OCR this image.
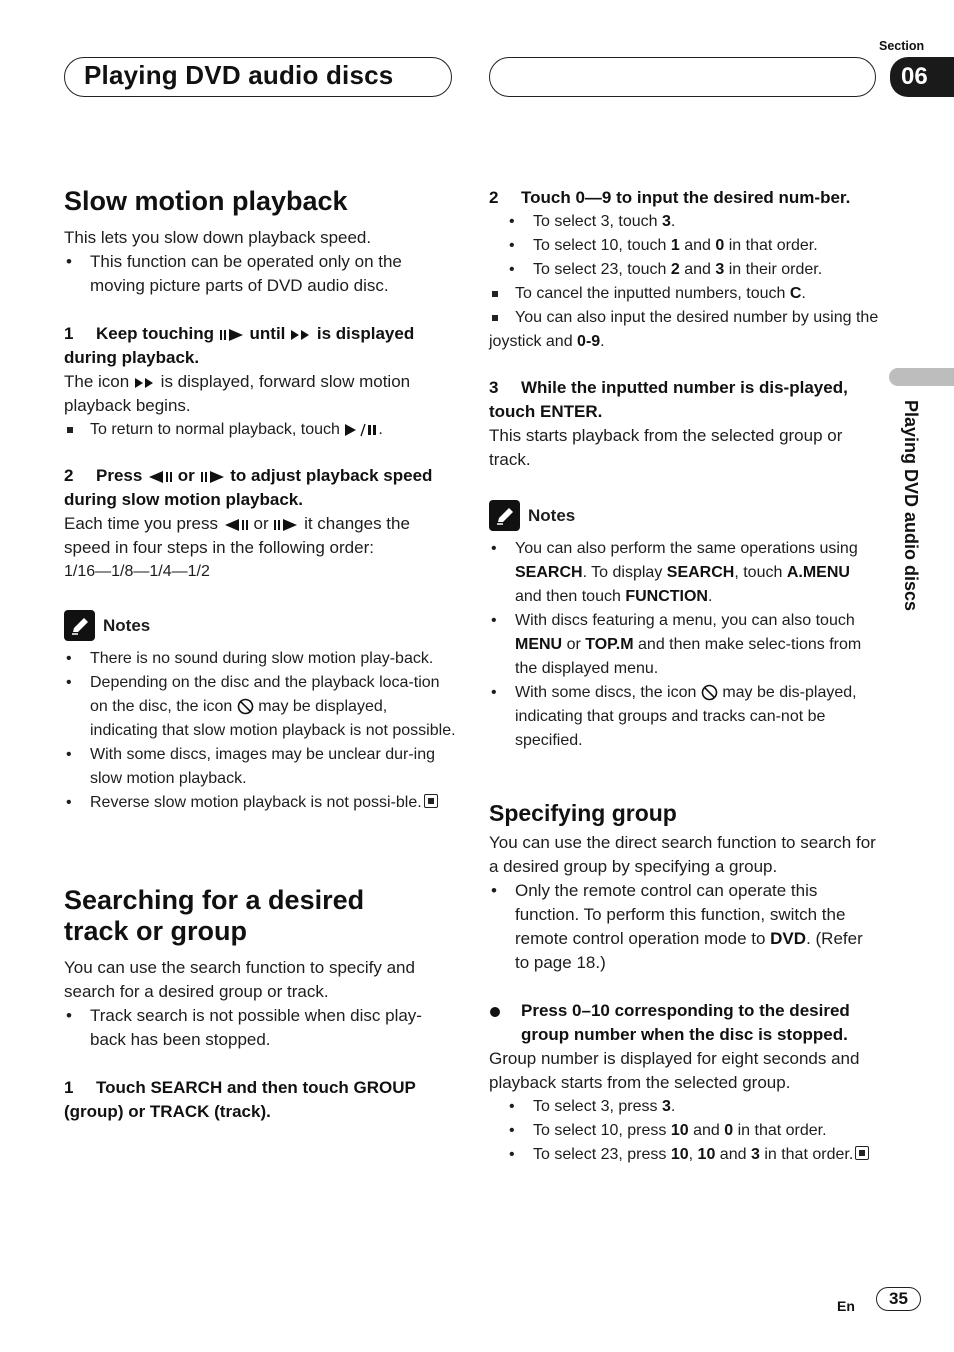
Playing DVD audio discs
Section
06
Playing DVD audio discs
Slow motion playback

This lets you slow down playback speed.

• This function can be operated only on the moving picture parts of DVD audio disc.

1 Keep touching until is displayed during playback.

The icon is displayed, forward slow motion playback begins.

To return to normal playback, touch .

2 Press or to adjust playback speed during slow motion playback.

Each time you press or it changes the speed in four steps in the following order:

1/16—1/8—1/4—1/2

Notes

• There is no sound during slow motion play-back.

• Depending on the disc and the playback loca-tion on the disc, the icon may be displayed, indicating that slow motion playback is not possible.

• With some discs, images may be unclear dur-ing slow motion playback.

• Reverse slow motion playback is not possi-ble.

Searching for a desired
track or group

You can use the search function to specify and search for a desired group or track.

• Track search is not possible when disc play-back has been stopped.

1 Touch SEARCH and then touch GROUP (group) or TRACK (track).

2 Touch 0—9 to input the desired num-ber.

• To select 3, touch 3.

• To select 10, touch 1 and 0 in that order.

• To select 23, touch 2 and 3 in their order.

To cancel the inputted numbers, touch C.

You can also input the desired number by using the joystick and 0-9.

3 While the inputted number is dis-played, touch ENTER.

This starts playback from the selected group or track.

Notes

• You can also perform the same operations using SEARCH. To display SEARCH, touch A.MENU and then touch FUNCTION.

• With discs featuring a menu, you can also touch MENU or TOP.M and then make selec-tions from the displayed menu.

• With some discs, the icon may be dis-played, indicating that groups and tracks can-not be specified.

Specifying group

You can use the direct search function to search for a desired group by specifying a group.

• Only the remote control can operate this function. To perform this function, switch the remote control operation mode to DVD. (Refer to page 18.)

Press 0–10 corresponding to the desired group number when the disc is stopped.

Group number is displayed for eight seconds and playback starts from the selected group.

• To select 3, press 3.

• To select 10, press 10 and 0 in that order.

• To select 23, press 10, 10 and 3 in that order.

En	35
